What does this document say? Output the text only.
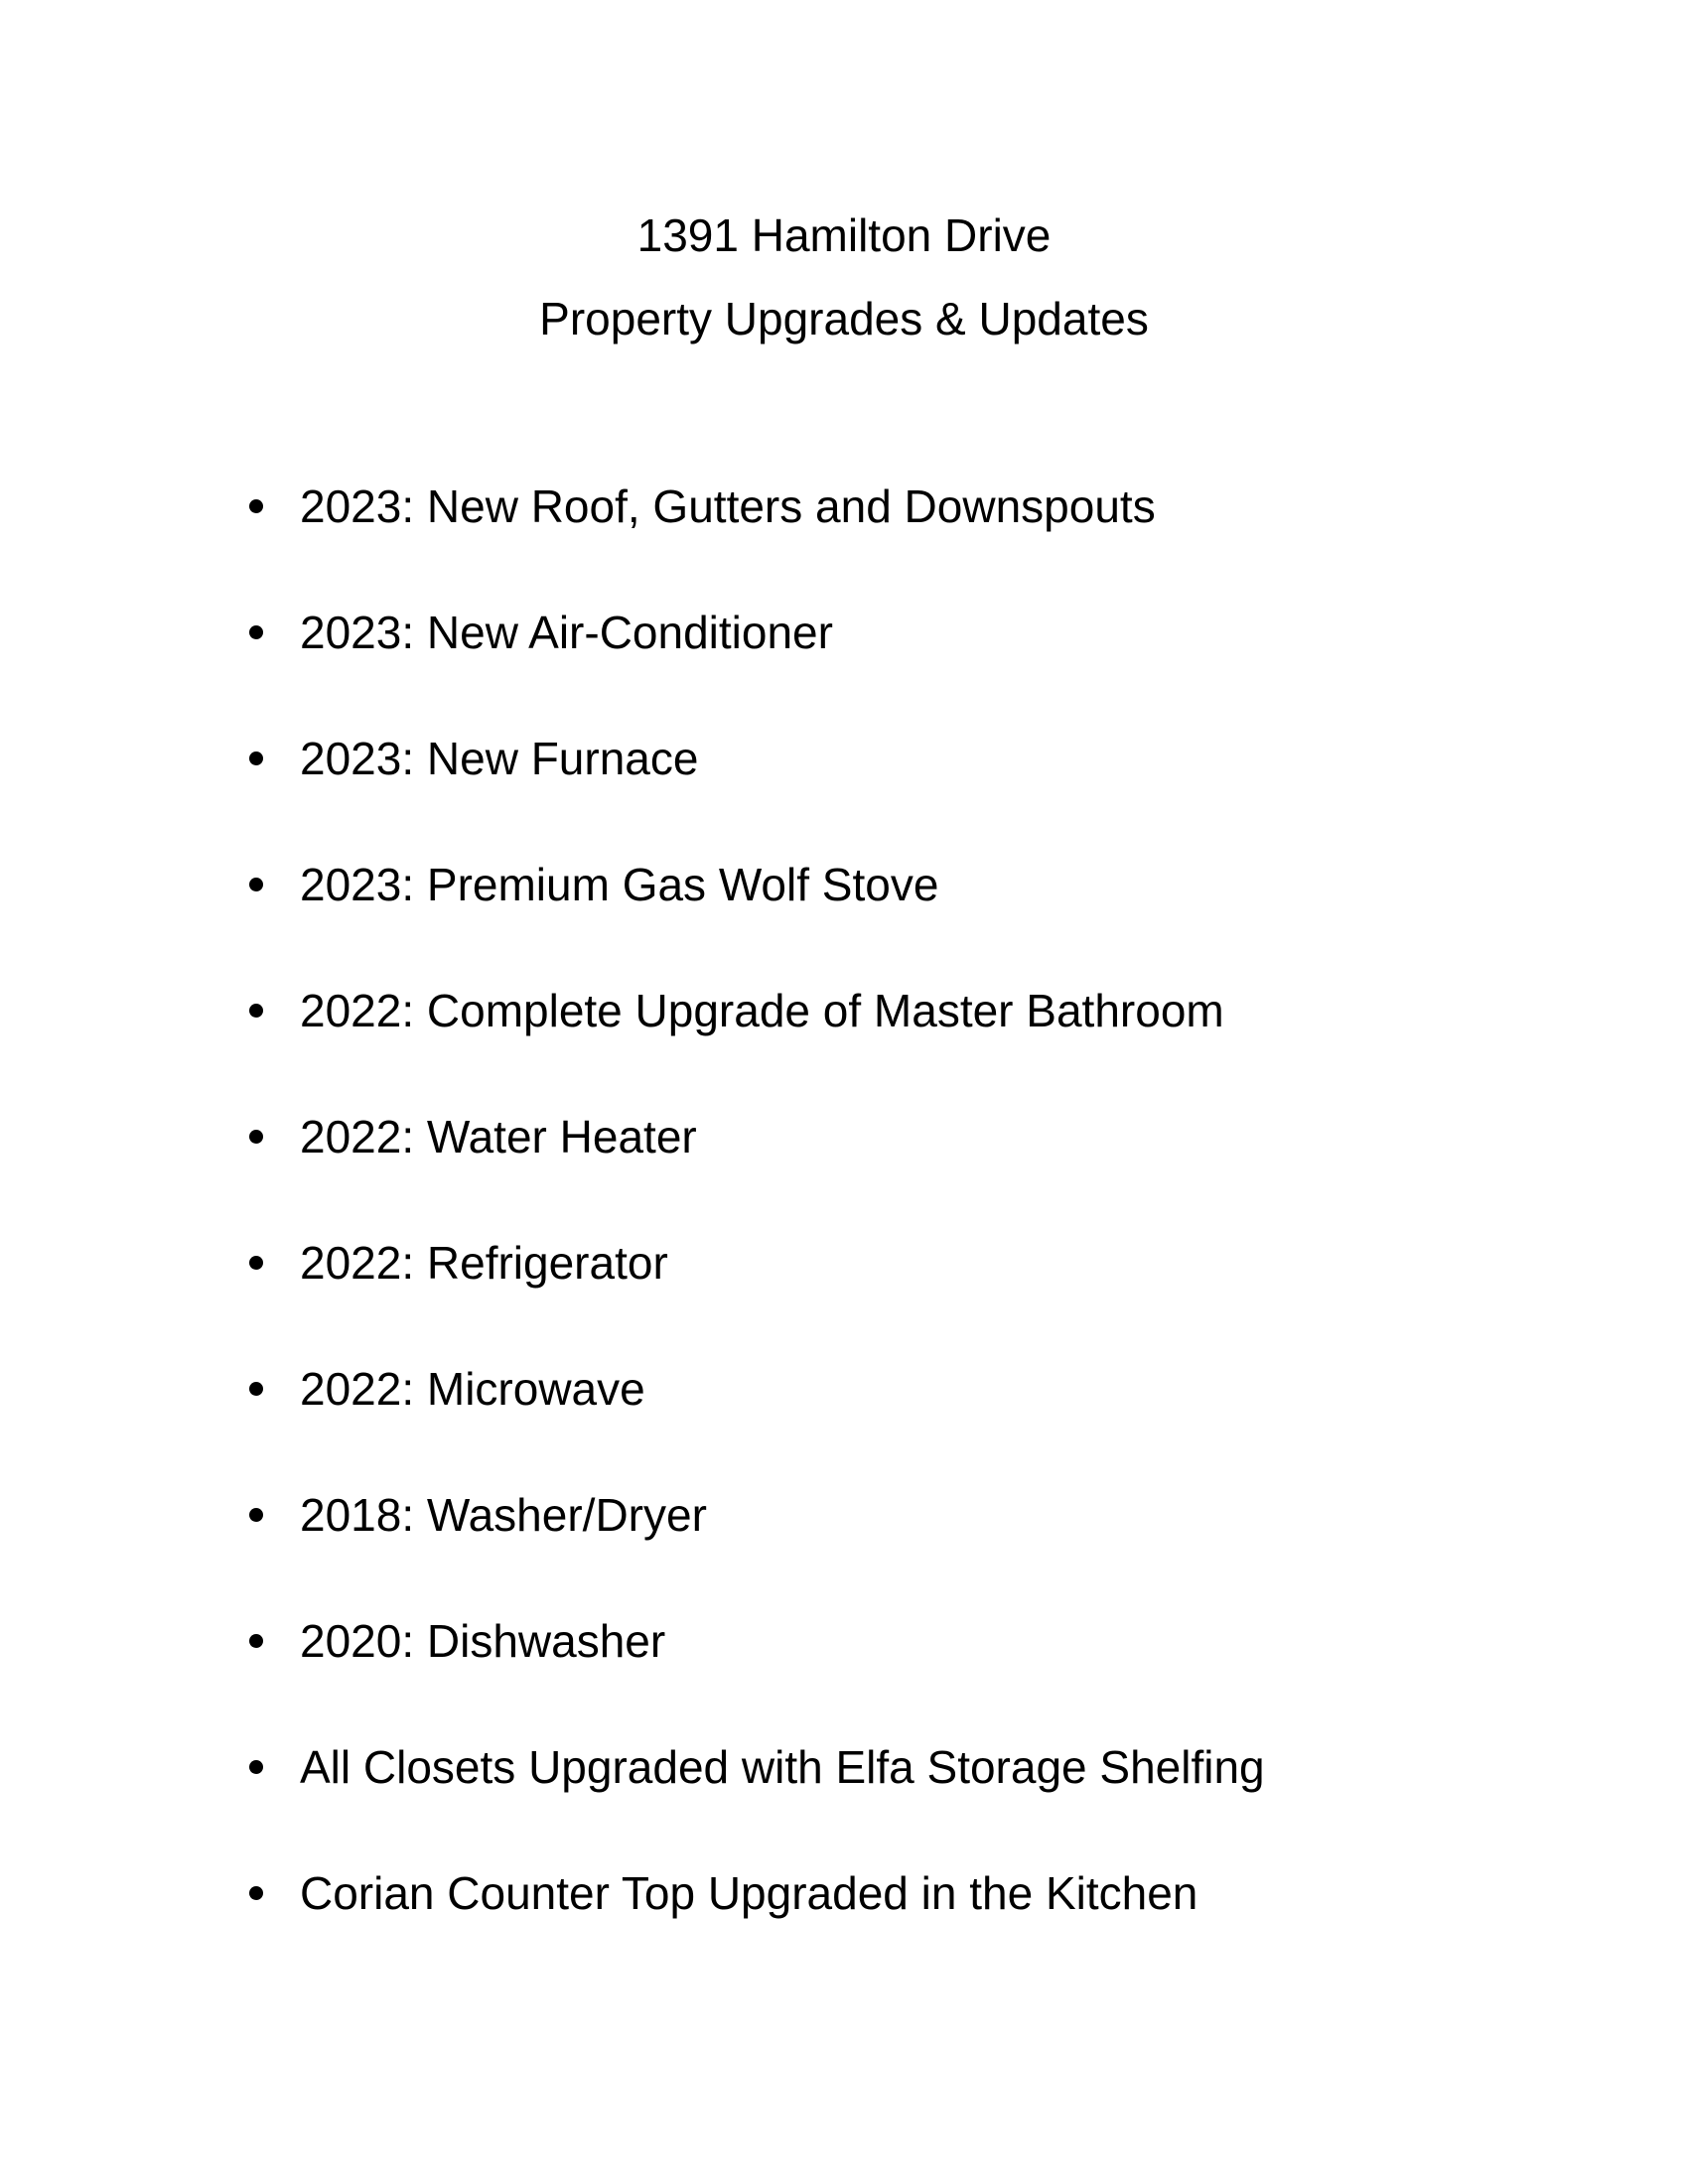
1391 Hamilton Drive
Property Upgrades & Updates
2023: New Roof, Gutters and Downspouts
2023: New Air-Conditioner
2023: New Furnace
2023: Premium Gas Wolf Stove
2022: Complete Upgrade of Master Bathroom
2022: Water Heater
2022: Refrigerator
2022: Microwave
2018: Washer/Dryer
2020: Dishwasher
All Closets Upgraded with Elfa Storage Shelfing
Corian Counter Top Upgraded in the Kitchen
